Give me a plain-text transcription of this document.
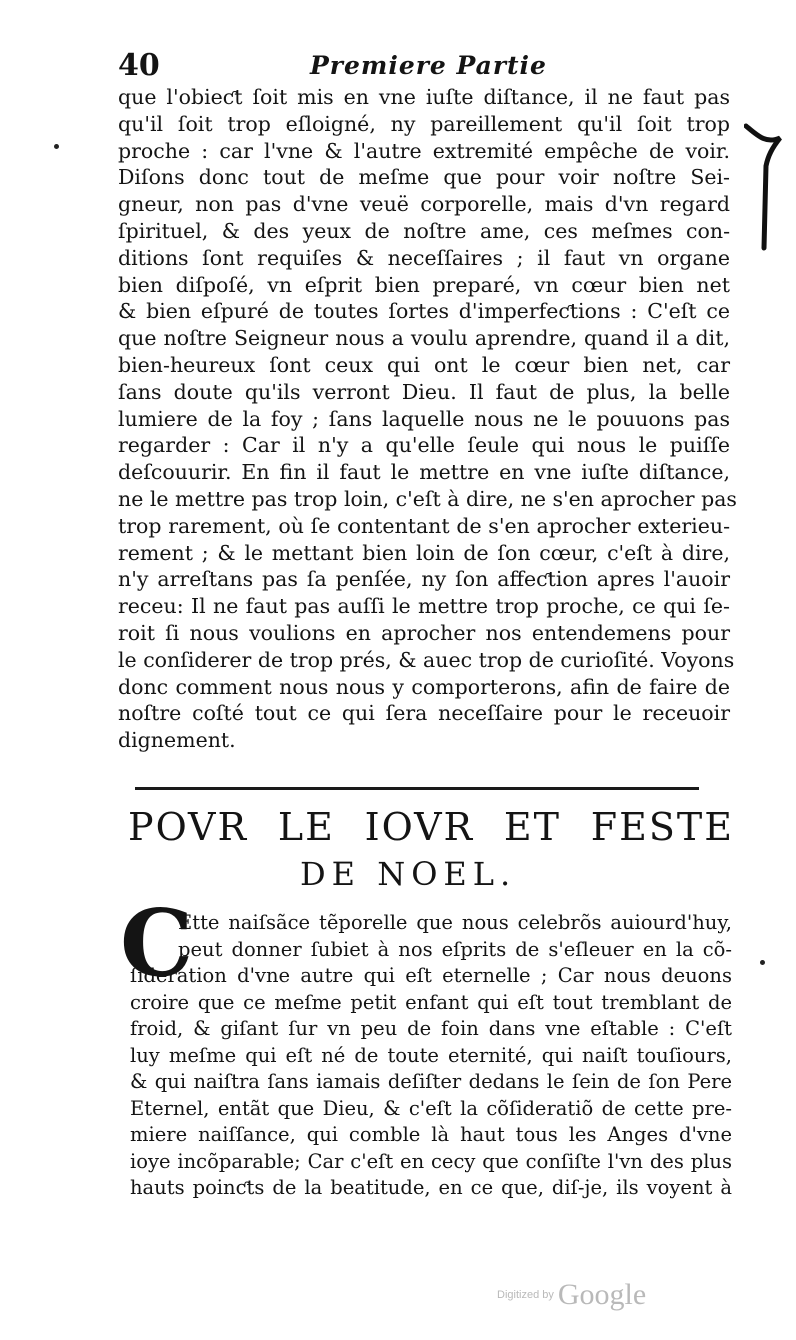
40	Premiere Partie
que l'obieƈt ſoit mis en vne iuſte diſtance, il ne faut pas
qu'il ſoit trop eſloigné, ny pareillement qu'il ſoit trop
proche : car l'vne & l'autre extremité empêche de voir.
Diſons donc tout de meſme que pour voir noſtre Sei-
gneur, non pas d'vne veuë corporelle, mais d'vn regard
ſpirituel, & des yeux de noſtre ame, ces meſmes con-
ditions ſont requiſes & neceſſaires ; il faut vn organe
bien diſpoſé, vn eſprit bien preparé, vn cœur bien net
& bien eſpuré de toutes ſortes d'imperfeƈtions : C'eſt ce
que noſtre Seigneur nous a voulu aprendre, quand il a dit,
bien-heureux ſont ceux qui ont le cœur bien net, car
ſans doute qu'ils verront Dieu. Il faut de plus, la belle
lumiere de la foy ; ſans laquelle nous ne le pouuons pas
regarder : Car il n'y a qu'elle ſeule qui nous le puiſſe
deſcouurir. En fin il faut le mettre en vne iuſte diſtance,
ne le mettre pas trop loin, c'eſt à dire, ne s'en aprocher pas
trop rarement, où ſe contentant de s'en aprocher exterieu-
rement ; & le mettant bien loin de ſon cœur, c'eſt à dire,
n'y arreſtans pas ſa penſée, ny ſon affeƈtion apres l'auoir
receu: Il ne faut pas auſſi le mettre trop proche, ce qui ſe-
roit ſi nous voulions en aprocher nos entendemens pour
le conſiderer de trop prés, & auec trop de curioſité. Voyons
donc comment nous nous y comporterons, afin de faire de
noſtre coſté tout ce qui ſera neceſſaire pour le receuoir
dignement.
POVR LE IOVR ET FESTE
DE NOEL.
C
Ette naiſsãce tẽporelle que nous celebrõs auiourd'huy,
peut donner ſubiet à nos eſprits de s'eſleuer en la cõ-
ſideration d'vne autre qui eſt eternelle ; Car nous deuons
croire que ce meſme petit enfant qui eſt tout tremblant de
froid, & giſant ſur vn peu de foin dans vne eſtable : C'eſt
luy meſme qui eſt né de toute eternité, qui naiſt touſiours,
& qui naiſtra ſans iamais deſiſter dedans le ſein de ſon Pere
Eternel, entãt que Dieu, & c'eſt la cõſideratiõ de cette pre-
miere naiſſance, qui comble là haut tous les Anges d'vne
ioye incõparable; Car c'eſt en cecy que conſiſte l'vn des plus
hauts poinƈts de la beatitude, en ce que, diſ-je, ils voyent à
Digitized by Google
